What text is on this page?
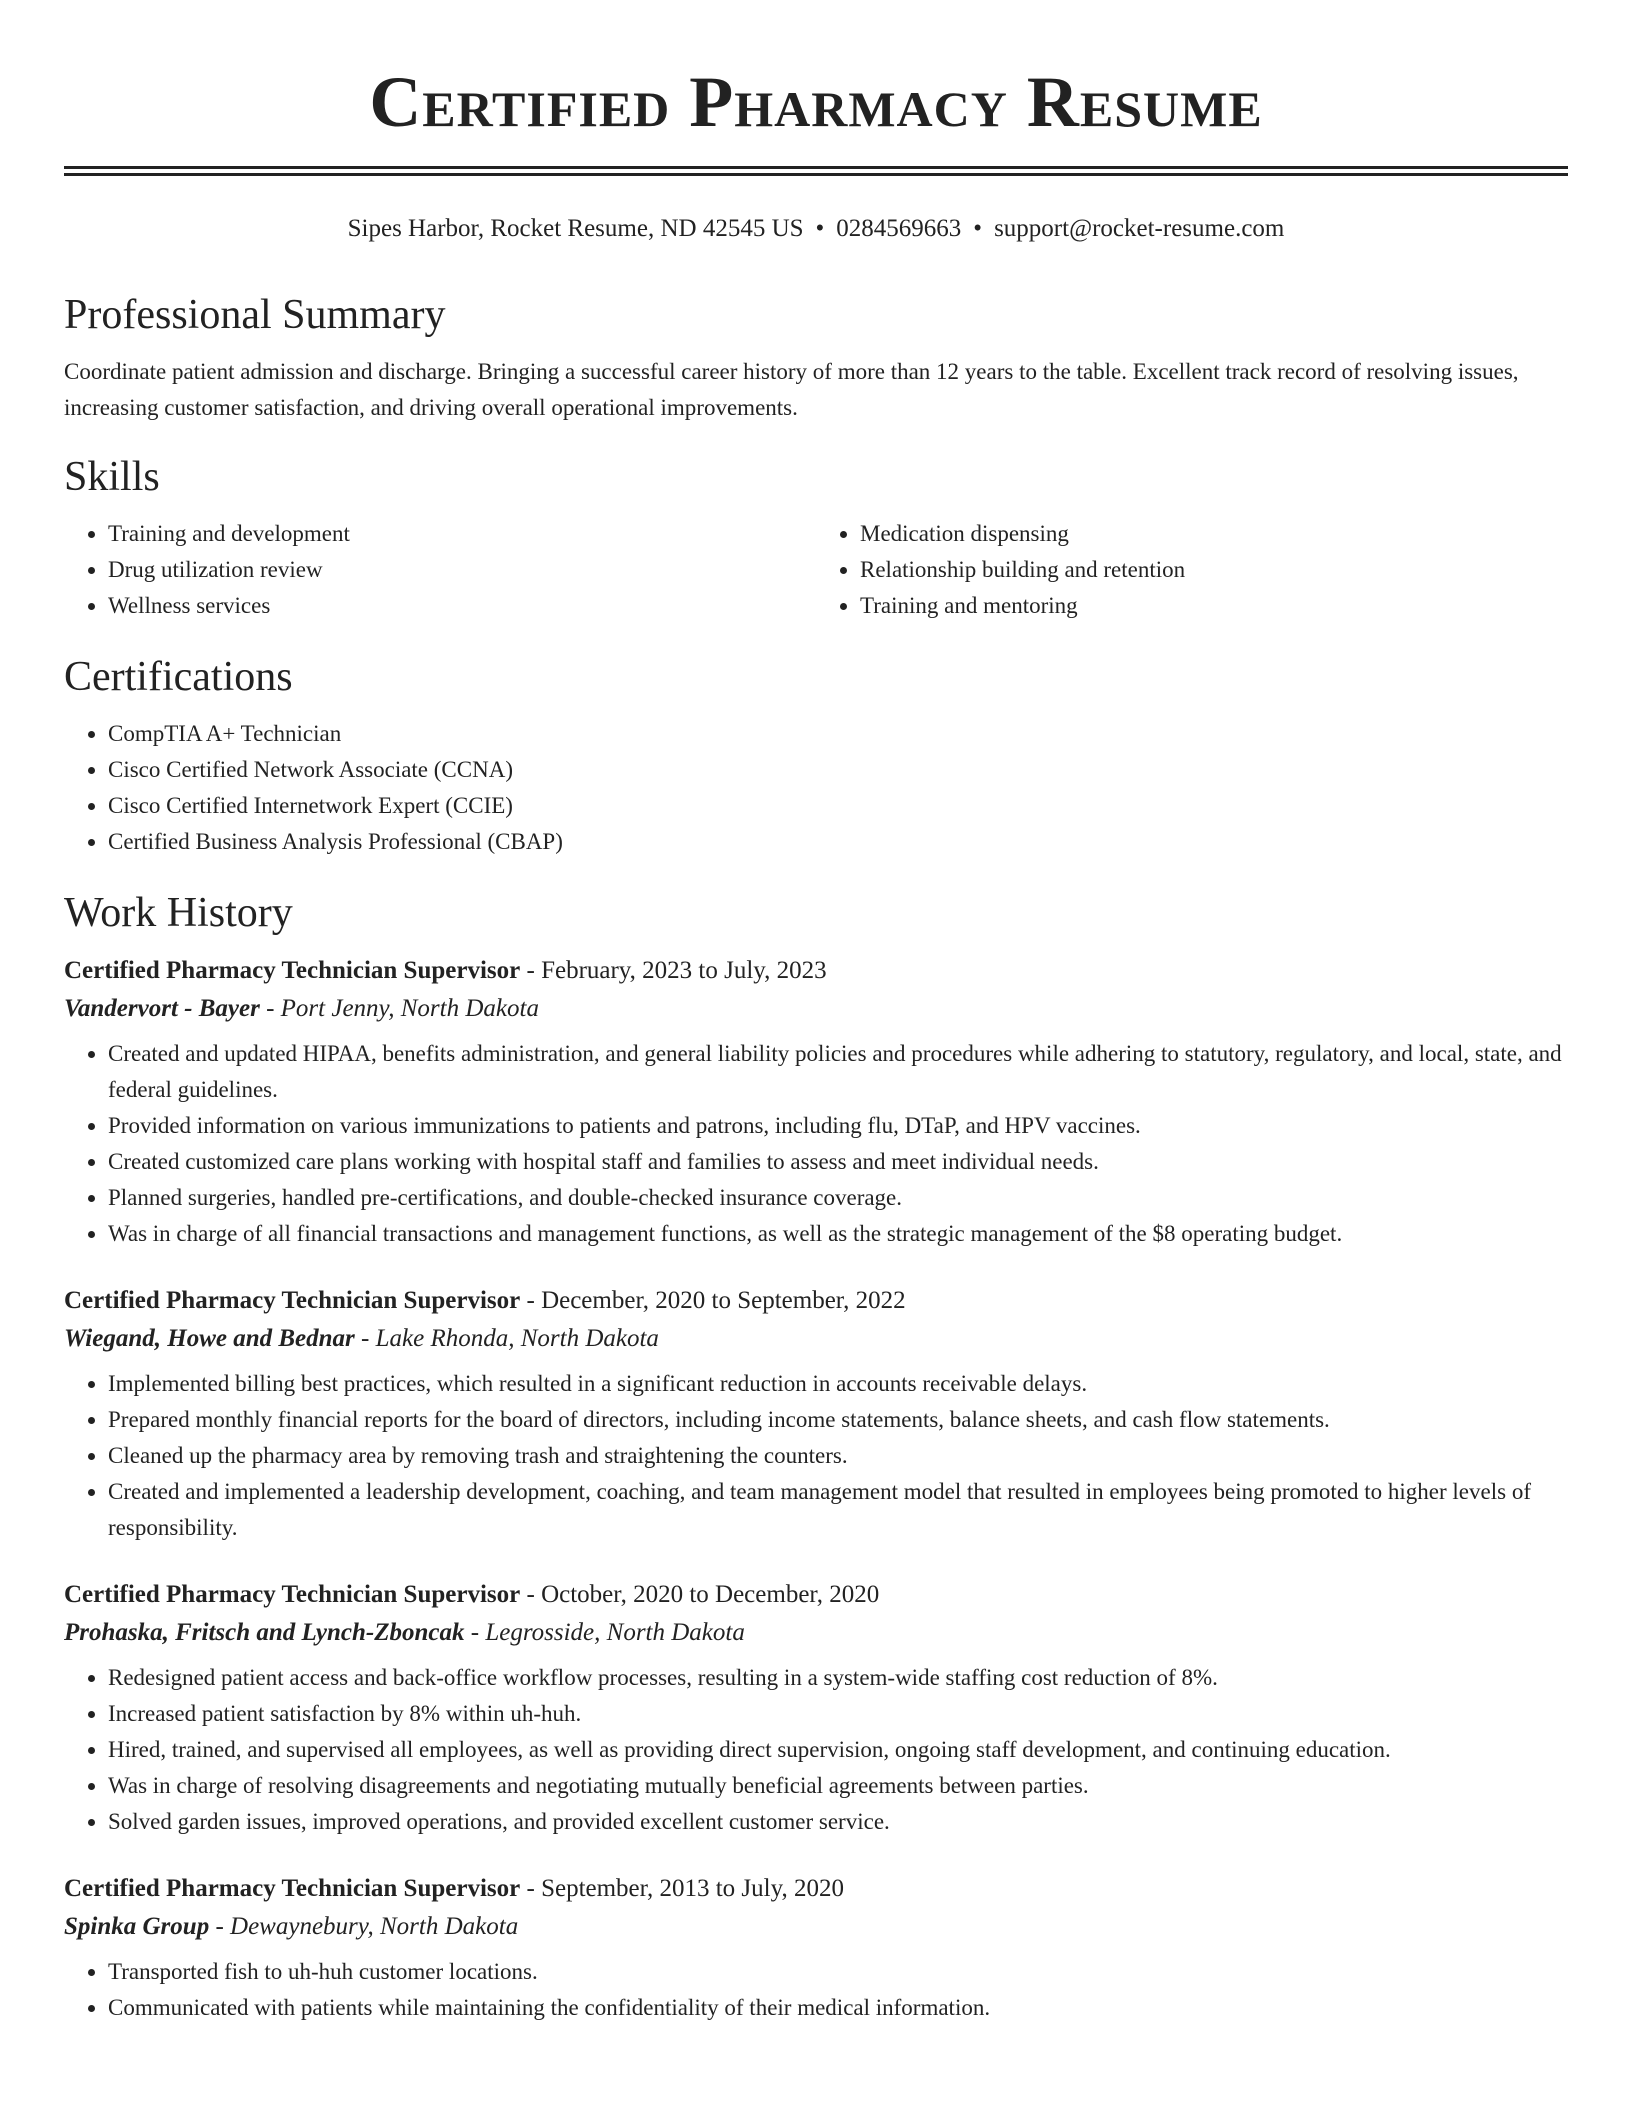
Certified Pharmacy Resume
Sipes Harbor, Rocket Resume, ND 42545 US • 0284569663 • support@rocket-resume.com
Professional Summary

Coordinate patient admission and discharge. Bringing a successful career history of more than 12 years to the table. Excellent track record of resolving issues, increasing customer satisfaction, and driving overall operational improvements.

Skills
• Training and development
• Drug utilization review
• Wellness services
• Medication dispensing
• Relationship building and retention
• Training and mentoring
Certifications
• CompTIA A+ Technician
• Cisco Certified Network Associate (CCNA)
• Cisco Certified Internetwork Expert (CCIE)
• Certified Business Analysis Professional (CBAP)
Work History
Certified Pharmacy Technician Supervisor - February, 2023 to July, 2023
Vandervort - Bayer - Port Jenny, North Dakota
• Created and updated HIPAA, benefits administration, and general liability policies and procedures while adhering to statutory, regulatory, and local, state, and federal guidelines.
• Provided information on various immunizations to patients and patrons, including flu, DTaP, and HPV vaccines.
• Created customized care plans working with hospital staff and families to assess and meet individual needs.
• Planned surgeries, handled pre-certifications, and double-checked insurance coverage.
• Was in charge of all financial transactions and management functions, as well as the strategic management of the $8 operating budget.
Certified Pharmacy Technician Supervisor - December, 2020 to September, 2022
Wiegand, Howe and Bednar - Lake Rhonda, North Dakota
• Implemented billing best practices, which resulted in a significant reduction in accounts receivable delays.
• Prepared monthly financial reports for the board of directors, including income statements, balance sheets, and cash flow statements.
• Cleaned up the pharmacy area by removing trash and straightening the counters.
• Created and implemented a leadership development, coaching, and team management model that resulted in employees being promoted to higher levels of responsibility.
Certified Pharmacy Technician Supervisor - October, 2020 to December, 2020
Prohaska, Fritsch and Lynch-Zboncak - Legrosside, North Dakota
• Redesigned patient access and back-office workflow processes, resulting in a system-wide staffing cost reduction of 8%.
• Increased patient satisfaction by 8% within uh-huh.
• Hired, trained, and supervised all employees, as well as providing direct supervision, ongoing staff development, and continuing education.
• Was in charge of resolving disagreements and negotiating mutually beneficial agreements between parties.
• Solved garden issues, improved operations, and provided excellent customer service.
Certified Pharmacy Technician Supervisor - September, 2013 to July, 2020
Spinka Group - Dewaynebury, North Dakota
• Transported fish to uh-huh customer locations.
• Communicated with patients while maintaining the confidentiality of their medical information.
